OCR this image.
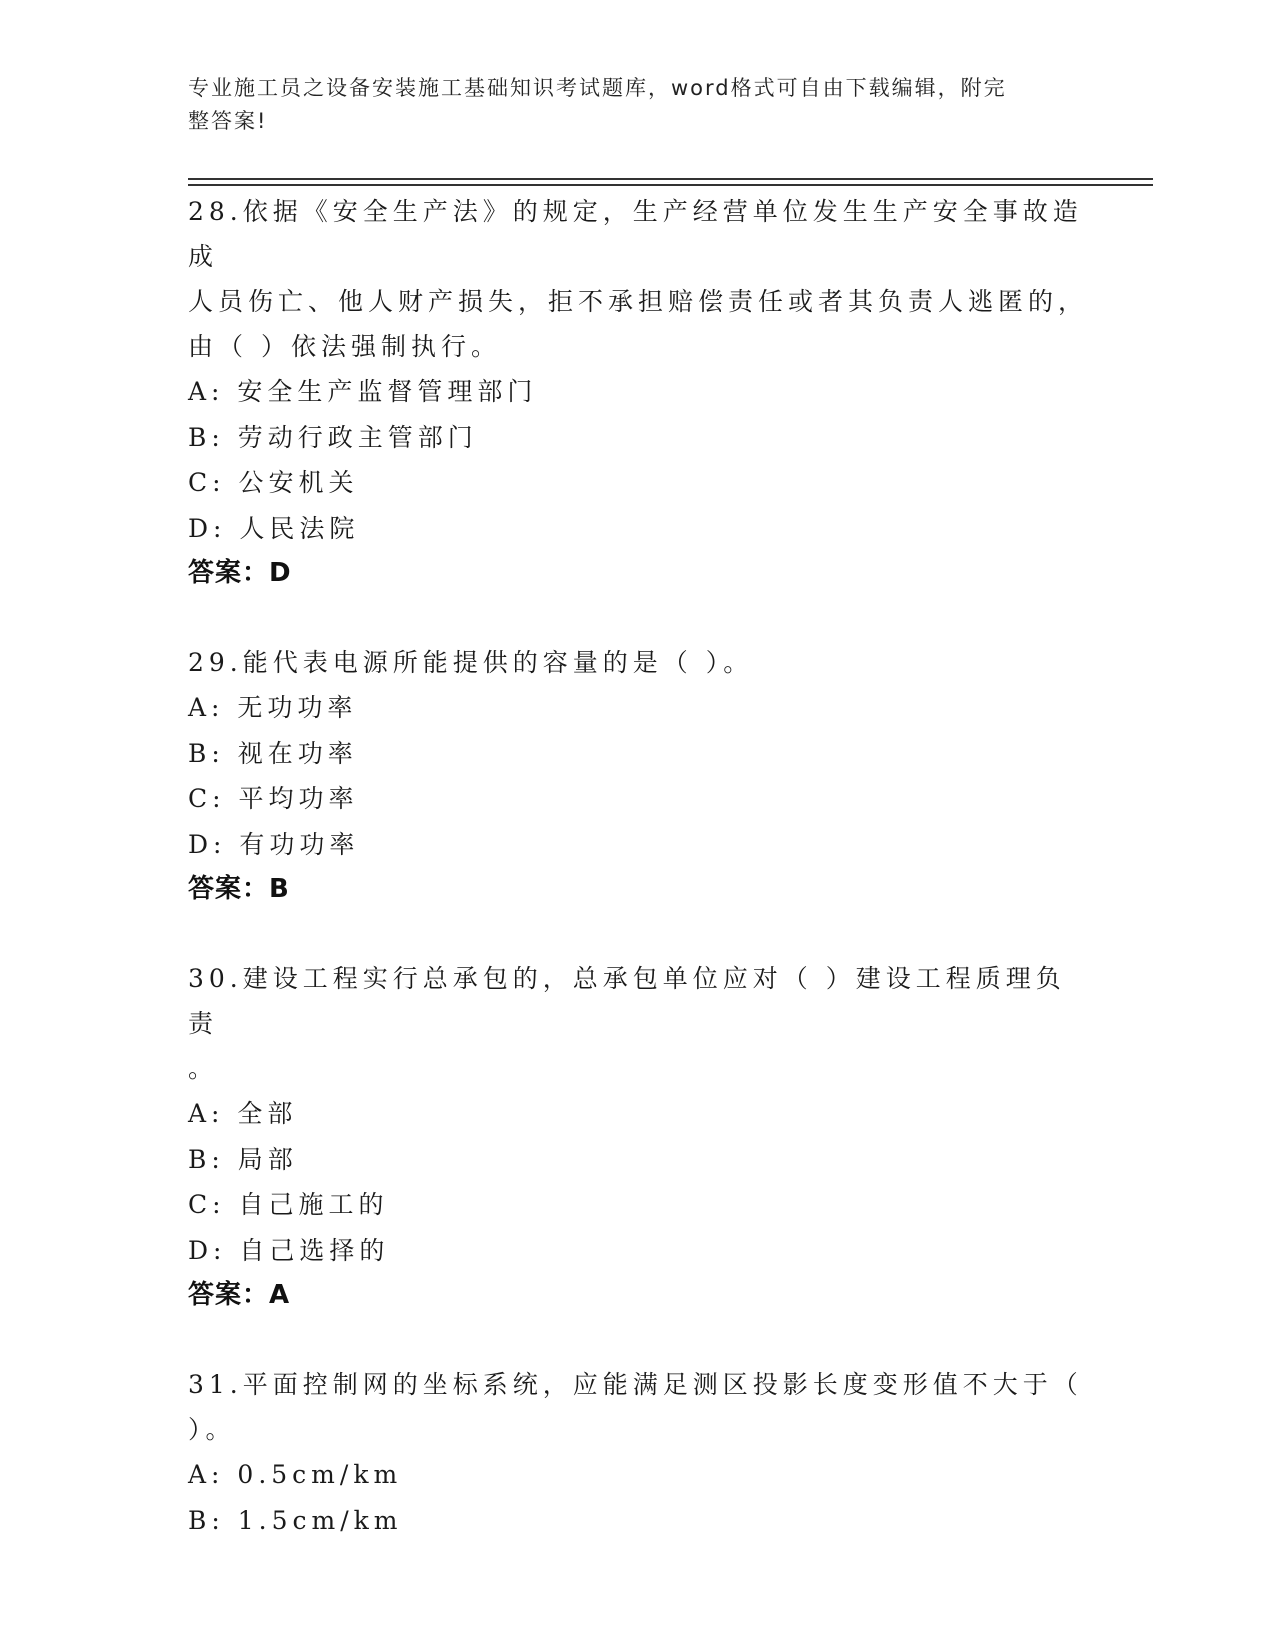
专业施工员之设备安装施工基础知识考试题库，word格式可自由下载编辑，附完
整答案!
28.依据《安全生产法》的规定，生产经营单位发生生产安全事故造成
人员伤亡、他人财产损失，拒不承担赔偿责任或者其负责人逃匿的，
由（ ）依法强制执行。
A: 安全生产监督管理部门
B: 劳动行政主管部门
C: 公安机关
D: 人民法院
答案：D
29.能代表电源所能提供的容量的是（ ）。
A: 无功功率
B: 视在功率
C: 平均功率
D: 有功功率
答案：B
30.建设工程实行总承包的，总承包单位应对（ ）建设工程质理负责
。
A: 全部
B: 局部
C: 自己施工的
D: 自己选择的
答案：A
31.平面控制网的坐标系统，应能满足测区投影长度变形值不大于（
）。
A: 0.5cm/km
B: 1.5cm/km
